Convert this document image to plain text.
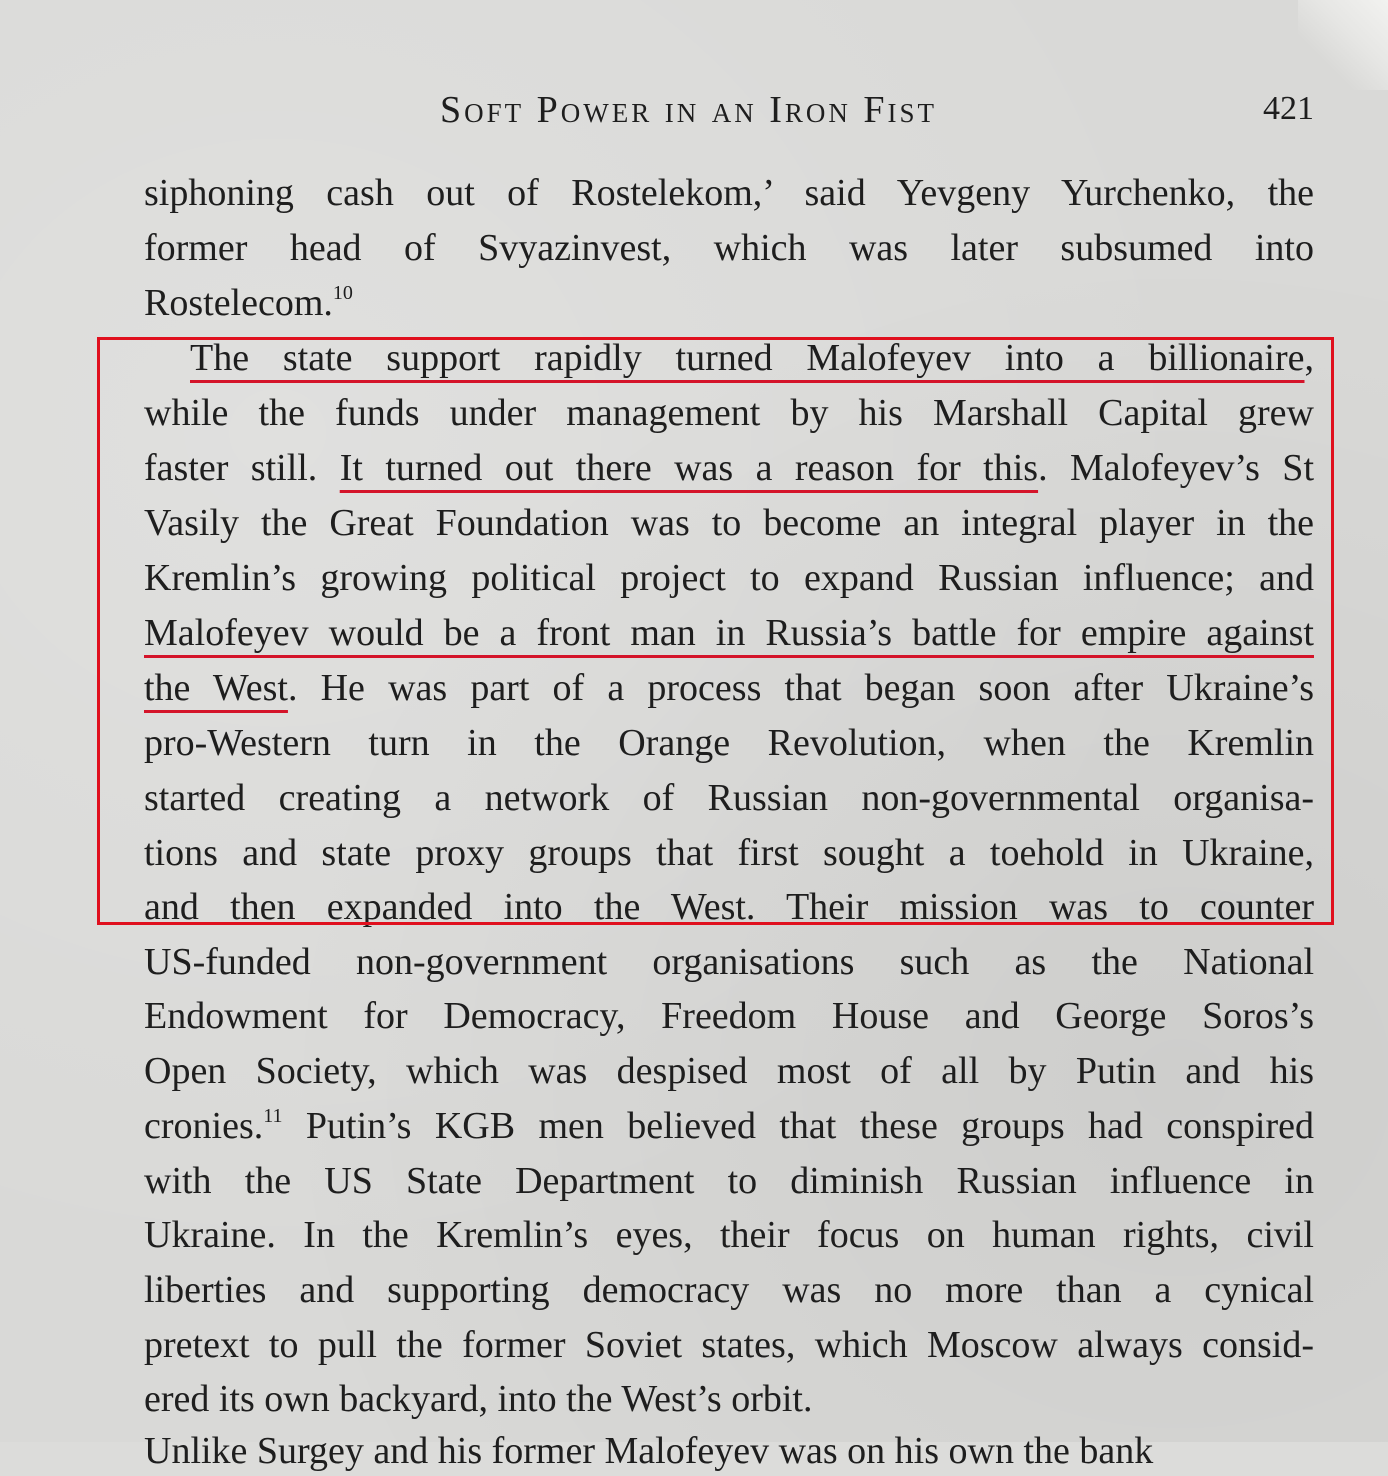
Soft Power in an Iron Fist	421
siphoning cash out of Rostelekom,’ said Yevgeny Yurchenko, the
former head of Svyazinvest, which was later subsumed into
Rostelecom.$^{10}$
The state support rapidly turned Malofeyev into a billionaire,
while the funds under management by his Marshall Capital grew
faster still. It turned out there was a reason for this. Malofeyev’s St
Vasily the Great Foundation was to become an integral player in the
Kremlin’s growing political project to expand Russian influence; and
Malofeyev would be a front man in Russia’s battle for empire against
the West. He was part of a process that began soon after Ukraine’s
pro-Western turn in the Orange Revolution, when the Kremlin
started creating a network of Russian non-governmental organisa-
tions and state proxy groups that first sought a toehold in Ukraine,
and then expanded into the West. Their mission was to counter
US-funded non-government organisations such as the National
Endowment for Democracy, Freedom House and George Soros’s
Open Society, which was despised most of all by Putin and his
cronies.$^{11}$ Putin’s KGB men believed that these groups had conspired
with the US State Department to diminish Russian influence in
Ukraine. In the Kremlin’s eyes, their focus on human rights, civil
liberties and supporting democracy was no more than a cynical
pretext to pull the former Soviet states, which Moscow always consid-
ered its own backyard, into the West’s orbit.
Unlike Surgey and his former Malofeyev was on his own the bank
